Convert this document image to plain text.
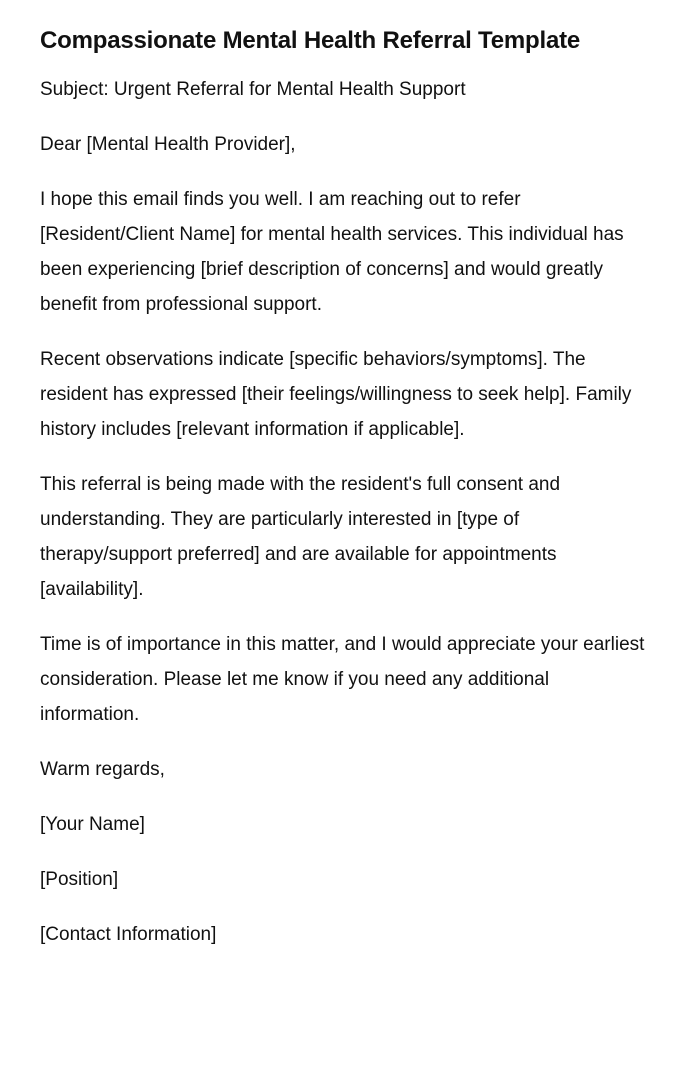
Compassionate Mental Health Referral Template

Subject: Urgent Referral for Mental Health Support

Dear [Mental Health Provider],

I hope this email finds you well. I am reaching out to refer [Resident/Client Name] for mental health services. This individual has been experiencing [brief description of concerns] and would greatly benefit from professional support.

Recent observations indicate [specific behaviors/symptoms]. The resident has expressed [their feelings/willingness to seek help]. Family history includes [relevant information if applicable].

This referral is being made with the resident's full consent and understanding. They are particularly interested in [type of therapy/support preferred] and are available for appointments [availability].

Time is of importance in this matter, and I would appreciate your earliest consideration. Please let me know if you need any additional information.

Warm regards,

[Your Name]

[Position]

[Contact Information]
